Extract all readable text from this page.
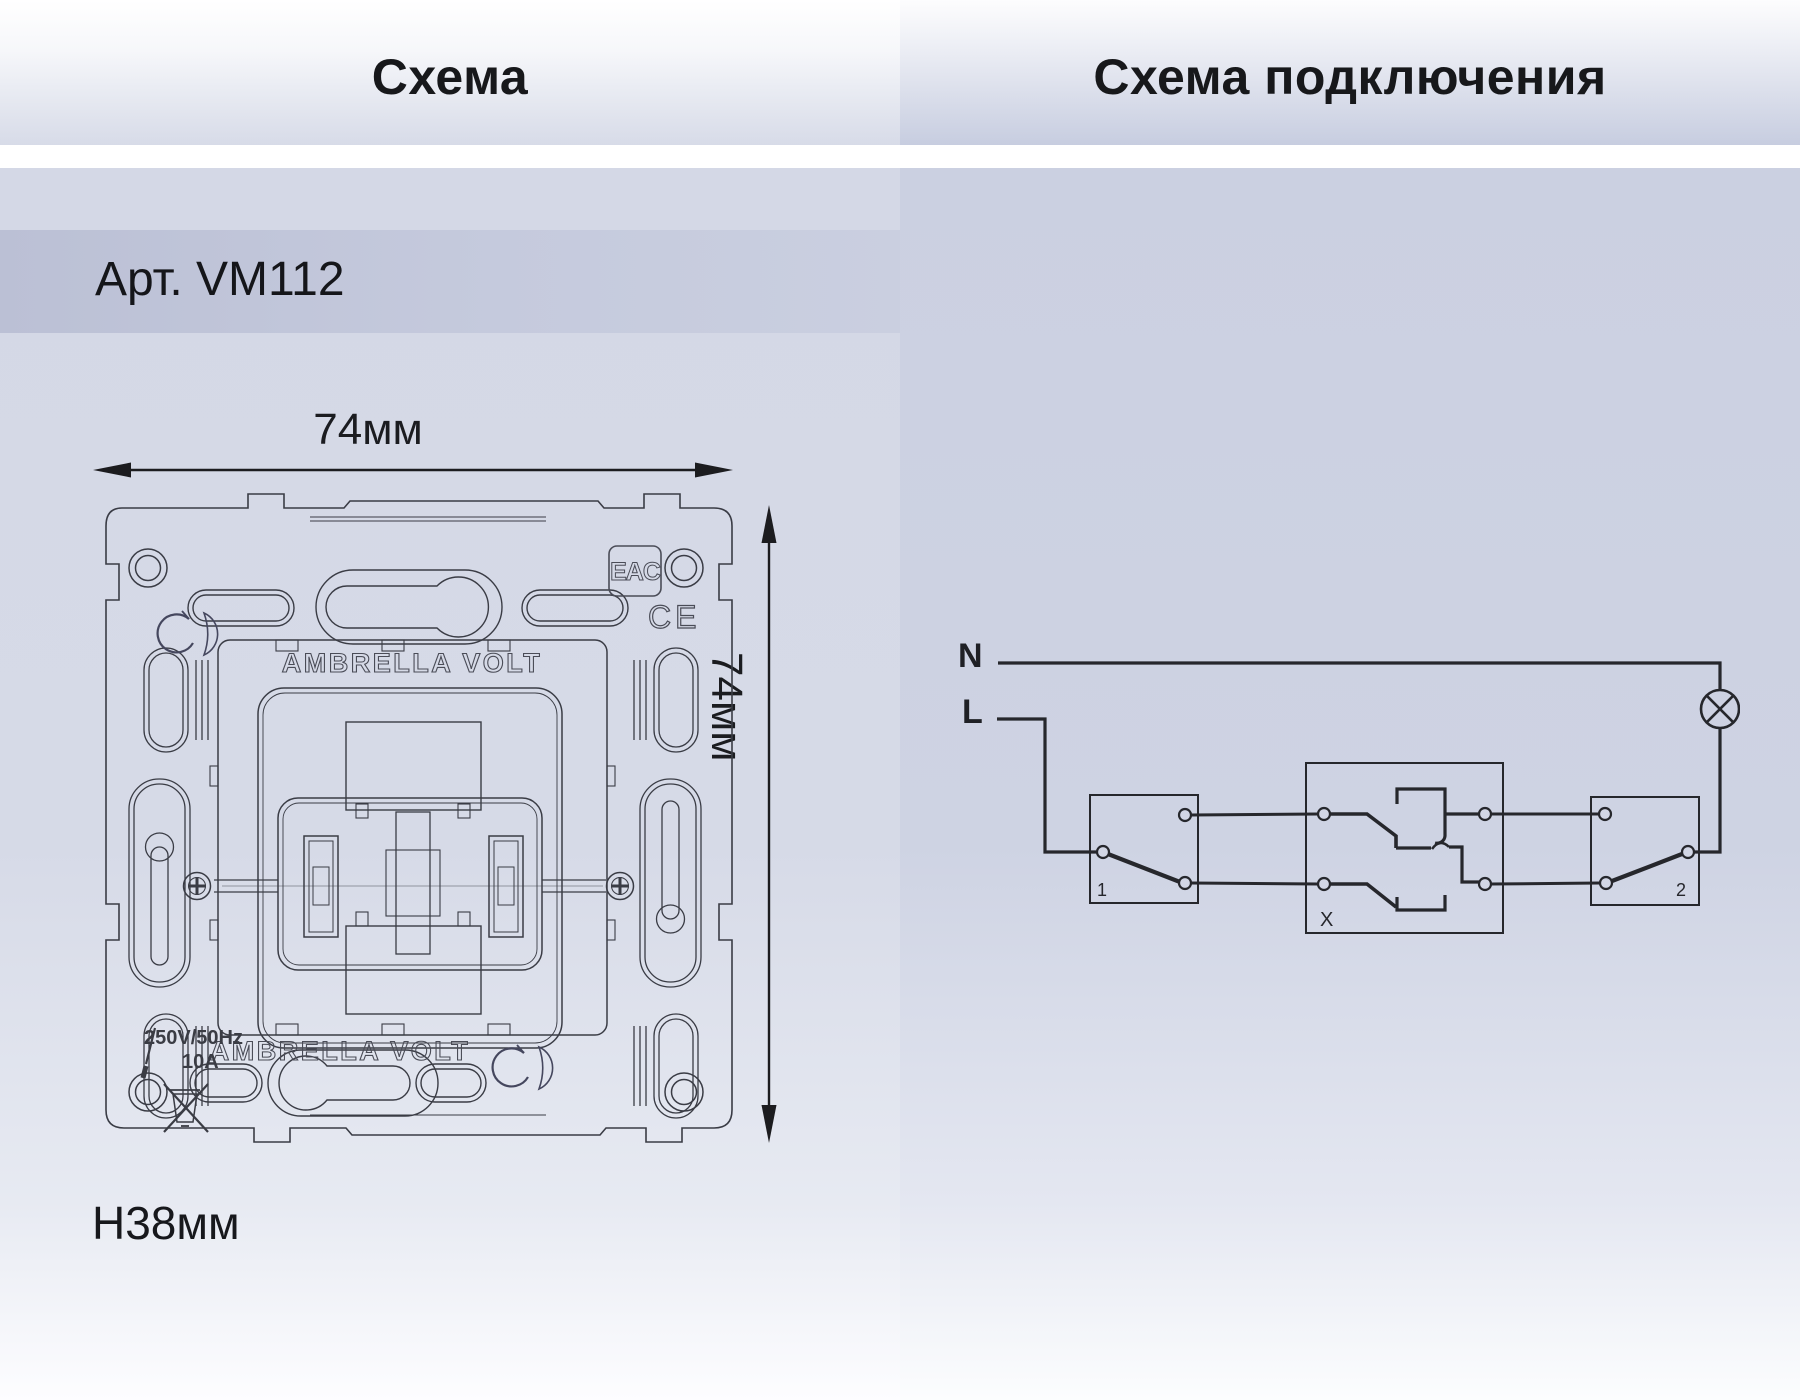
Схема	Схема подключения
Арт. VM112
74мм
74мм
H38мм
EAC
CE
AMBRELLA VOLT
AMBRELLA VOLT
250V/50Hz
10A
N
L
1
X
2
